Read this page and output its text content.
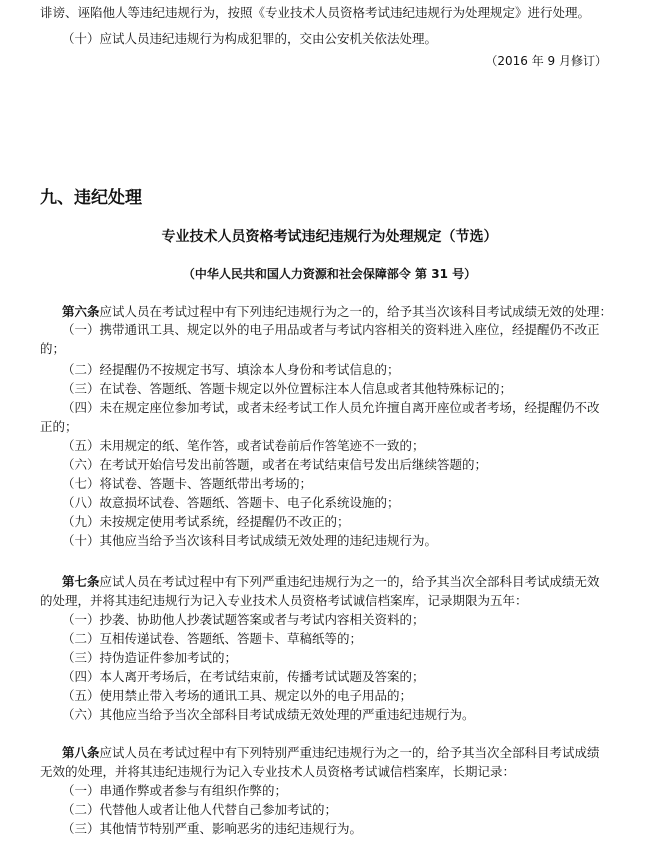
诽谤、诬陷他人等违纪违规行为，按照《专业技术人员资格考试违纪违规行为处理规定》进行处理。
（十）应试人员违纪违规行为构成犯罪的，交由公安机关依法处理。
（2016 年 9 月修订）
九、违纪处理
专业技术人员资格考试违纪违规行为处理规定（节选）
（中华人民共和国人力资源和社会保障部令 第 31 号）
第六条应试人员在考试过程中有下列违纪违规行为之一的，给予其当次该科目考试成绩无效的处理：
（一）携带通讯工具、规定以外的电子用品或者与考试内容相关的资料进入座位，经提醒仍不改正
的；
（二）经提醒仍不按规定书写、填涂本人身份和考试信息的；
（三）在试卷、答题纸、答题卡规定以外位置标注本人信息或者其他特殊标记的；
（四）未在规定座位参加考试，或者未经考试工作人员允许擅自离开座位或者考场，经提醒仍不改
正的；
（五）未用规定的纸、笔作答，或者试卷前后作答笔迹不一致的；
（六）在考试开始信号发出前答题，或者在考试结束信号发出后继续答题的；
（七）将试卷、答题卡、答题纸带出考场的；
（八）故意损坏试卷、答题纸、答题卡、电子化系统设施的；
（九）未按规定使用考试系统，经提醒仍不改正的；
（十）其他应当给予当次该科目考试成绩无效处理的违纪违规行为。
第七条应试人员在考试过程中有下列严重违纪违规行为之一的，给予其当次全部科目考试成绩无效
的处理，并将其违纪违规行为记入专业技术人员资格考试诚信档案库，记录期限为五年：
（一）抄袭、协助他人抄袭试题答案或者与考试内容相关资料的；
（二）互相传递试卷、答题纸、答题卡、草稿纸等的；
（三）持伪造证件参加考试的；
（四）本人离开考场后，在考试结束前，传播考试试题及答案的；
（五）使用禁止带入考场的通讯工具、规定以外的电子用品的；
（六）其他应当给予当次全部科目考试成绩无效处理的严重违纪违规行为。
第八条应试人员在考试过程中有下列特别严重违纪违规行为之一的，给予其当次全部科目考试成绩
无效的处理，并将其违纪违规行为记入专业技术人员资格考试诚信档案库，长期记录：
（一）串通作弊或者参与有组织作弊的；
（二）代替他人或者让他人代替自己参加考试的；
（三）其他情节特别严重、影响恶劣的违纪违规行为。
